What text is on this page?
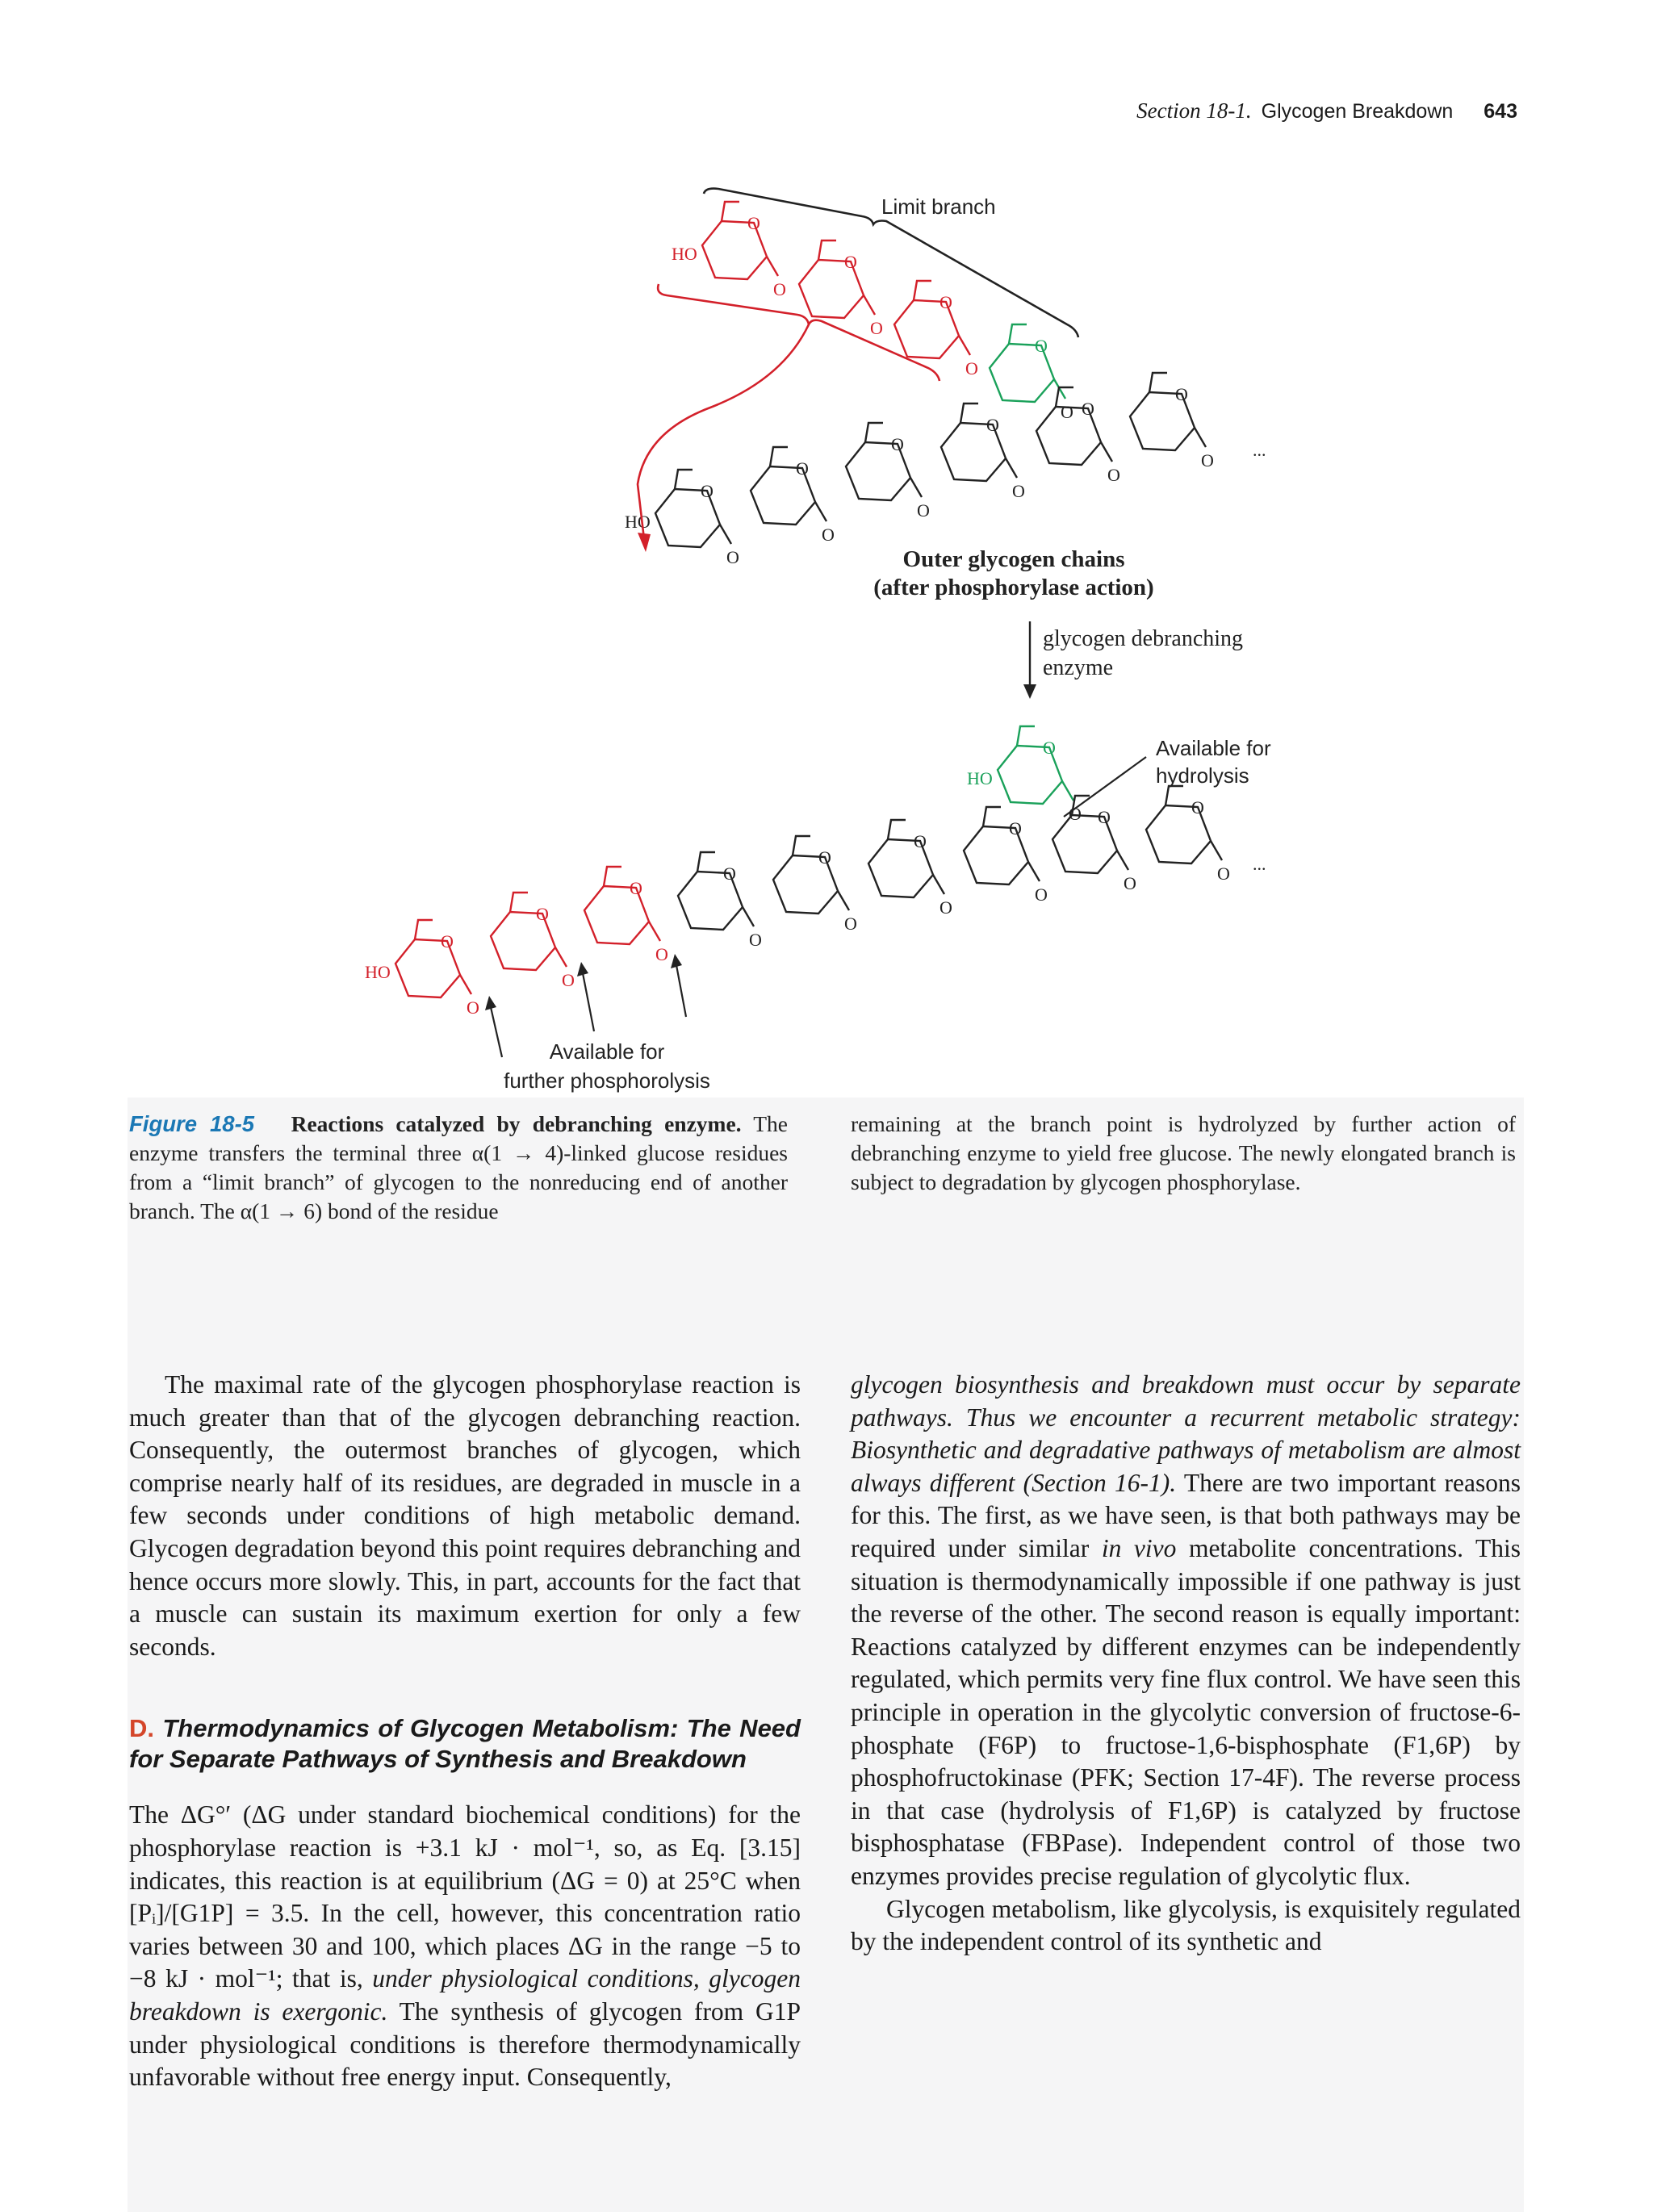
Section 18-1. Glycogen Breakdown 643
O
O
HO	O
O
O
O
O
O
O
O
HO
O
O
O
O
O
O
O
O
O
O
O
O
HO
O
O
HO
O
O
O
O
O
O
O
O
O
O
O
O
O
O
O
O
Limit branch
Outer glycogen chains
(after phosphorylase action)
glycogen debranching
enzyme
Available for
hydrolysis
Available for
further phosphorolysis
...
...
Figure 18-5 Reactions catalyzed by debranching enzyme. The enzyme transfers the terminal three α(1 → 4)-linked glucose residues from a “limit branch” of glycogen to the nonreducing end of another branch. The α(1 → 6) bond of the residue
remaining at the branch point is hydrolyzed by further action of debranching enzyme to yield free glucose. The newly elongated branch is subject to degradation by glycogen phosphorylase.

The maximal rate of the glycogen phosphorylase reaction is much greater than that of the glycogen debranching reaction. Consequently, the outermost branches of glycogen, which comprise nearly half of its residues, are degraded in muscle in a few seconds under conditions of high metabolic demand. Glycogen degradation beyond this point requires debranching and hence occurs more slowly. This, in part, accounts for the fact that a muscle can sustain its maximum exertion for only a few seconds.

D. Thermodynamics of Glycogen Metabolism: The Need for Separate Pathways of Synthesis and Breakdown

The ΔG°′ (ΔG under standard biochemical conditions) for the phosphorylase reaction is +3.1 kJ · mol⁻¹, so, as Eq. [3.15] indicates, this reaction is at equilibrium (ΔG = 0) at 25°C when [Pᵢ]/[G1P] = 3.5. In the cell, however, this concentration ratio varies between 30 and 100, which places ΔG in the range −5 to −8 kJ · mol⁻¹; that is, under physiological conditions, glycogen breakdown is exergonic. The synthesis of glycogen from G1P under physiological conditions is therefore thermodynamically unfavorable without free energy input. Consequently,

glycogen biosynthesis and breakdown must occur by separate pathways. Thus we encounter a recurrent metabolic strategy: Biosynthetic and degradative pathways of metabolism are almost always different (Section 16-1). There are two important reasons for this. The first, as we have seen, is that both pathways may be required under similar in vivo metabolite concentrations. This situation is thermodynamically impossible if one pathway is just the reverse of the other. The second reason is equally important: Reactions catalyzed by different enzymes can be independently regulated, which permits very fine flux control. We have seen this principle in operation in the glycolytic conversion of fructose-6-phosphate (F6P) to fructose-1,6-bisphosphate (F1,6P) by phosphofructokinase (PFK; Section 17-4F). The reverse process in that case (hydrolysis of F1,6P) is catalyzed by fructose bisphosphatase (FBPase). Independent control of those two enzymes provides precise regulation of glycolytic flux.

Glycogen metabolism, like glycolysis, is exquisitely regulated by the independent control of its synthetic and
